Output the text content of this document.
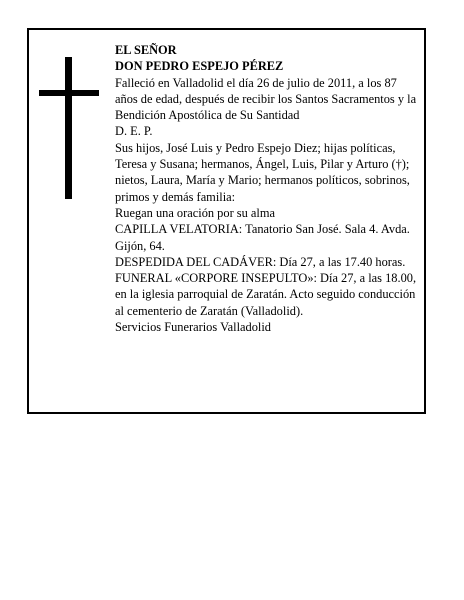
EL SEÑOR

DON PEDRO ESPEJO PÉREZ

Falleció en Valladolid el día 26 de julio de 2011, a los 87 años de edad, después de recibir los Santos Sacramentos y la Bendición Apostólica de Su Santidad

D. E. P.

Sus hijos, José Luis y Pedro Espejo Diez; hijas políticas, Teresa y Susana; hermanos, Ángel, Luis, Pilar y Arturo (†); nietos, Laura, María y Mario; hermanos políticos, sobrinos, primos y demás familia:

Ruegan una oración por su alma

CAPILLA VELATORIA: Tanatorio San José. Sala 4. Avda. Gijón, 64.

DESPEDIDA DEL CADÁVER: Día 27, a las 17.40 horas.

FUNERAL «CORPORE INSEPULTO»: Día 27, a las 18.00, en la iglesia parroquial de Zaratán. Acto seguido conducción al cementerio de Zaratán (Valladolid).

Servicios Funerarios Valladolid
